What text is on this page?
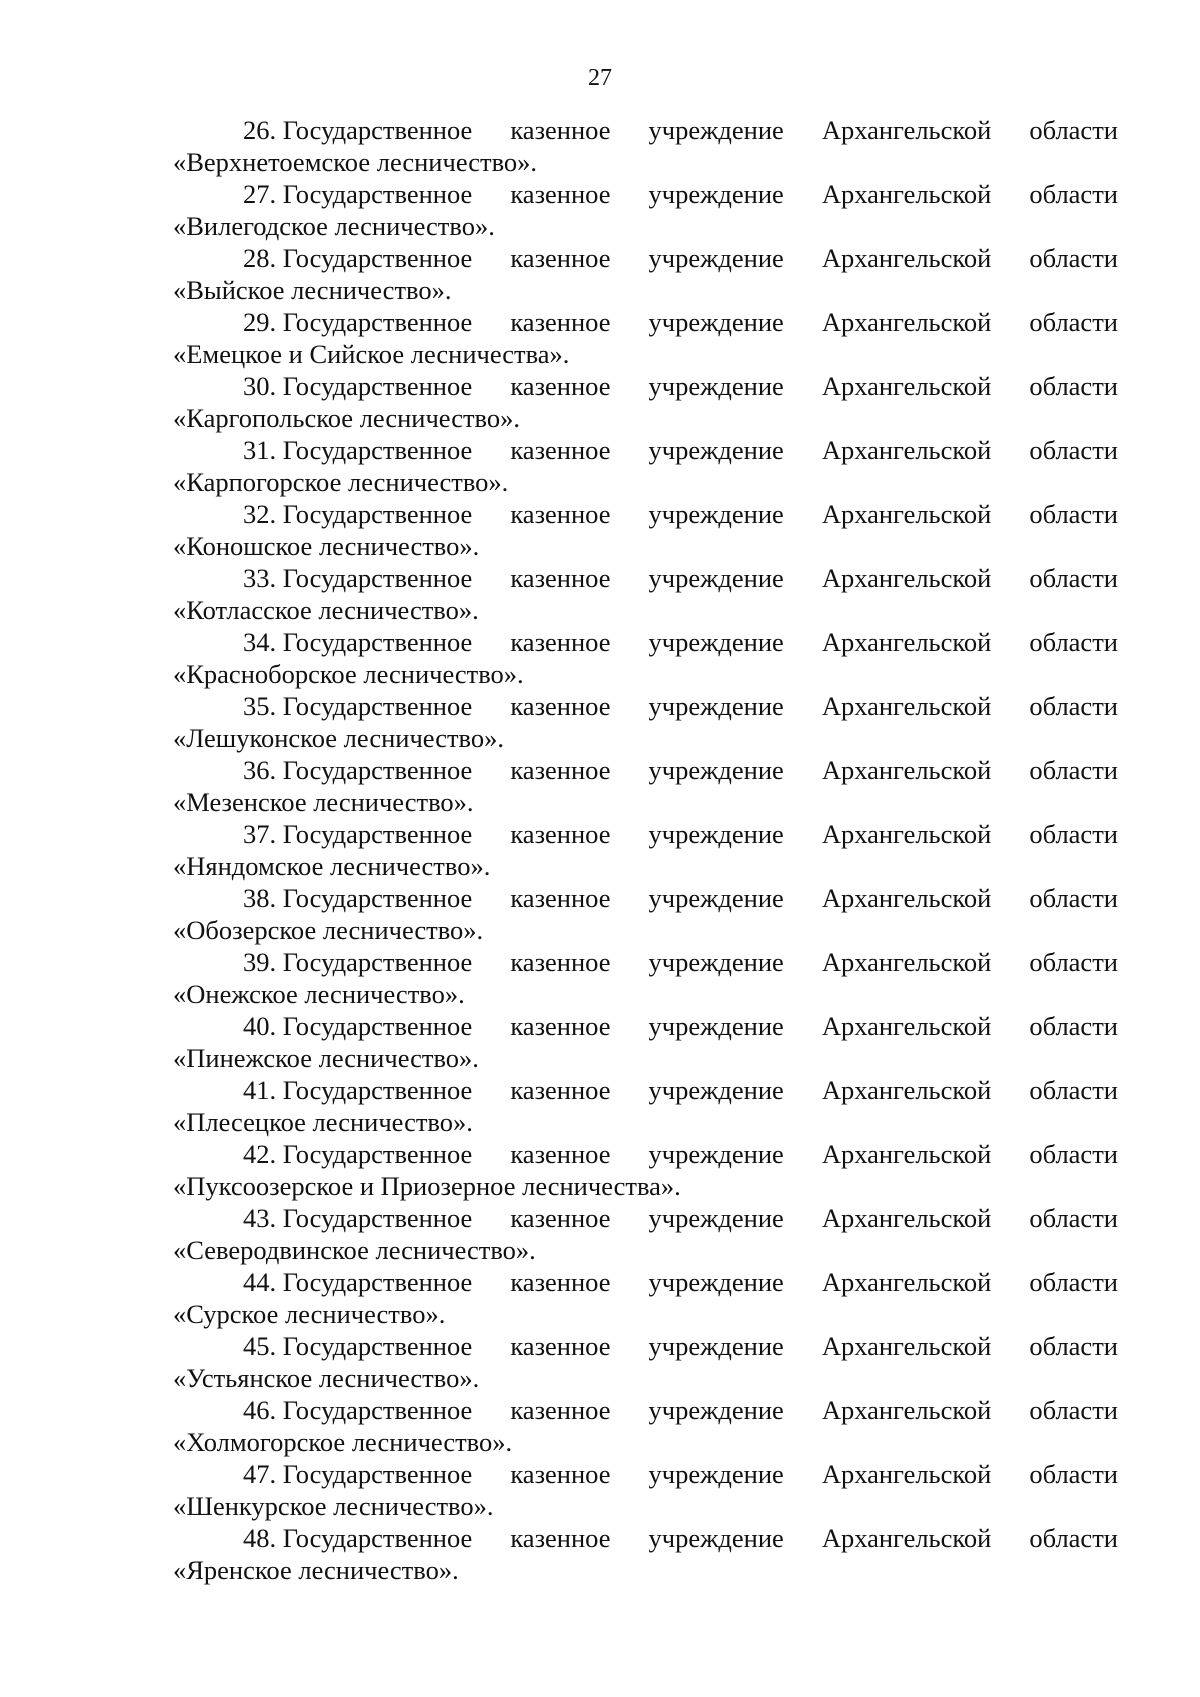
27
26. Государственное казенное учреждение Архангельской области
«Верхнетоемское лесничество».
27. Государственное казенное учреждение Архангельской области
«Вилегодское лесничество».
28. Государственное казенное учреждение Архангельской области
«Выйское лесничество».
29. Государственное казенное учреждение Архангельской области
«Емецкое и Сийское лесничества».
30. Государственное казенное учреждение Архангельской области
«Каргопольское лесничество».
31. Государственное казенное учреждение Архангельской области
«Карпогорское лесничество».
32. Государственное казенное учреждение Архангельской области
«Коношское лесничество».
33. Государственное казенное учреждение Архангельской области
«Котласское лесничество».
34. Государственное казенное учреждение Архангельской области
«Красноборское лесничество».
35. Государственное казенное учреждение Архангельской области
«Лешуконское лесничество».
36. Государственное казенное учреждение Архангельской области
«Мезенское лесничество».
37. Государственное казенное учреждение Архангельской области
«Няндомское лесничество».
38. Государственное казенное учреждение Архангельской области
«Обозерское лесничество».
39. Государственное казенное учреждение Архангельской области
«Онежское лесничество».
40. Государственное казенное учреждение Архангельской области
«Пинежское лесничество».
41. Государственное казенное учреждение Архангельской области
«Плесецкое лесничество».
42. Государственное казенное учреждение Архангельской области
«Пуксоозерское и Приозерное лесничества».
43. Государственное казенное учреждение Архангельской области
«Северодвинское лесничество».
44. Государственное казенное учреждение Архангельской области
«Сурское лесничество».
45. Государственное казенное учреждение Архангельской области
«Устьянское лесничество».
46. Государственное казенное учреждение Архангельской области
«Холмогорское лесничество».
47. Государственное казенное учреждение Архангельской области
«Шенкурское лесничество».
48. Государственное казенное учреждение Архангельской области
«Яренское лесничество».
